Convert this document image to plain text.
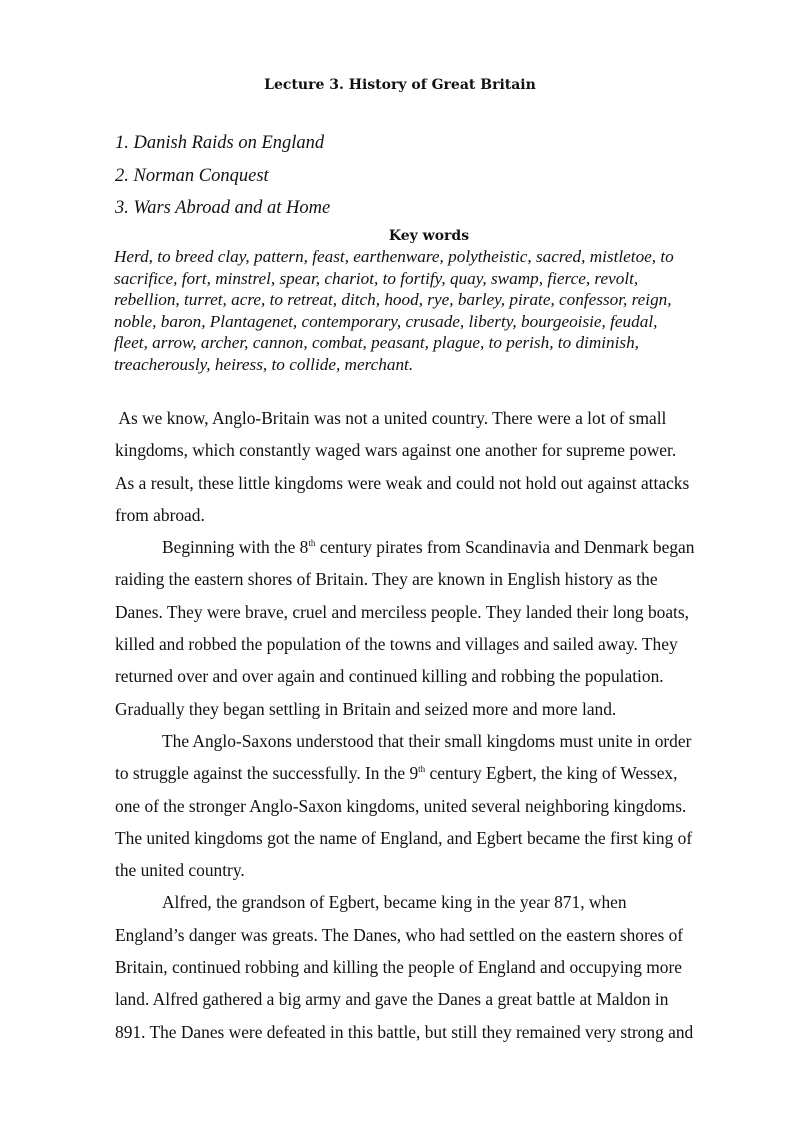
Lecture 3. History of Great Britain
1. Danish Raids on England
2. Norman Conquest
3. Wars Abroad and at Home
Key words
Herd, to breed clay, pattern, feast, earthenware, polytheistic, sacred, mistletoe, to
sacrifice, fort, minstrel, spear, chariot, to fortify, quay, swamp, fierce, revolt,
rebellion, turret, acre, to retreat, ditch, hood, rye, barley, pirate, confessor, reign,
noble, baron, Plantagenet, contemporary, crusade, liberty, bourgeoisie, feudal,
fleet, arrow, archer, cannon, combat, peasant, plague, to perish, to diminish,
treacherously, heiress, to collide, merchant.
As we know, Anglo-Britain was not a united country. There were a lot of small
kingdoms, which constantly waged wars against one another for supreme power.
As a result, these little kingdoms were weak and could not hold out against attacks
from abroad.
Beginning with the 8th century pirates from Scandinavia and Denmark began
raiding the eastern shores of Britain. They are known in English history as the
Danes. They were brave, cruel and merciless people. They landed their long boats,
killed and robbed the population of the towns and villages and sailed away. They
returned over and over again and continued killing and robbing the population.
Gradually they began settling in Britain and seized more and more land.
The Anglo-Saxons understood that their small kingdoms must unite in order
to struggle against the successfully. In the 9th century Egbert, the king of Wessex,
one of the stronger Anglo-Saxon kingdoms, united several neighboring kingdoms.
The united kingdoms got the name of England, and Egbert became the first king of
the united country.
Alfred, the grandson of Egbert, became king in the year 871, when
England’s danger was greats. The Danes, who had settled on the eastern shores of
Britain, continued robbing and killing the people of England and occupying more
land. Alfred gathered a big army and gave the Danes a great battle at Maldon in
891. The Danes were defeated in this battle, but still they remained very strong and
